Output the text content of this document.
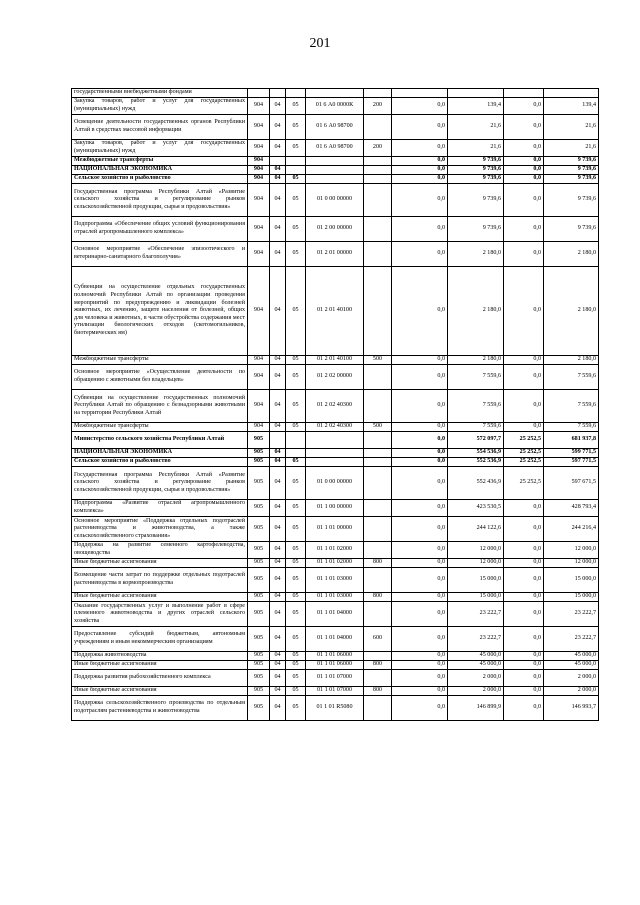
201
государственными внебюджетными фондами									
Закупка товаров, работ и услуг для государственных (муниципальных) нужд	904	04	05	01 6 А0 0000К	200	0,0	139,4	0,0	139,4
Освещение деятельности государственных органов Республики Алтай в средствах массовой информации	904	04	05	01 6 А0 98700		0,0	21,6	0,0	21,6
Закупка товаров, работ и услуг для государственных (муниципальных) нужд	904	04	05	01 6 А0 98700	200	0,0	21,6	0,0	21,6
Межбюджетные трансферты	904					0,0	9 739,6	0,0	9 739,6
НАЦИОНАЛЬНАЯ ЭКОНОМИКА	904	04				0,0	9 739,6	0,0	9 739,6
Сельское хозяйство и рыболовство	904	04	05			0,0	9 739,6	0,0	9 739,6
Государственная программа Республики Алтай «Развитие сельского хозяйства и регулирование рынков сельскохозяйственной продукции, сырья и продовольствия»	904	04	05	01 0 00 00000		0,0	9 739,6	0,0	9 739,6
Подпрограмма «Обеспечение общих условий функционирования отраслей агропромышленного комплекса»	904	04	05	01 2 00 00000		0,0	9 739,6	0,0	9 739,6
Основное мероприятие «Обеспечение эпизоотического и ветеринарно-санитарного благополучия»	904	04	05	01 2 01 00000		0,0	2 180,0	0,0	2 180,0
Субвенции на осуществление отдельных государственных полномочий Республики Алтай по организации проведения мероприятий по предупреждению и ликвидации болезней животных, их лечению, защите населения от болезней, общих для человека и животных, в части обустройства содержания мест утилизации биологических отходов (скотомогильников, биотермических ям)	904	04	05	01 2 01 40100		0,0	2 180,0	0,0	2 180,0
Межбюджетные трансферты	904	04	05	01 2 01 40100	500	0,0	2 180,0	0,0	2 180,0
Основное мероприятие «Осуществление деятельности по обращению с животными без владельцев»	904	04	05	01 2 02 00000		0,0	7 559,6	0,0	7 559,6
Субвенции на осуществление государственных полномочий Республики Алтай по обращению с безнадзорными животными на территории Республики Алтай	904	04	05	01 2 02 40300		0,0	7 559,6	0,0	7 559,6
Межбюджетные трансферты	904	04	05	01 2 02 40300	500	0,0	7 559,6	0,0	7 559,6
Министерство сельского хозяйства Республики Алтай	905					0,0	572 097,7	25 252,5	681 937,8
НАЦИОНАЛЬНАЯ ЭКОНОМИКА	905	04				0,0	554 536,9	25 252,5	599 771,5
Сельское хозяйство и рыболовство	905	04	05			0,0	552 536,9	25 252,5	597 771,5
Государственная программа Республики Алтай «Развитие сельского хозяйства и регулирование рынков сельскохозяйственной продукции, сырья и продовольствия»	905	04	05	01 0 00 00000		0,0	552 436,9	25 252,5	597 671,5
Подпрограмма «Развитие отраслей агропромышленного комплекса»	905	04	05	01 1 00 00000		0,0	423 530,5	0,0	428 793,4
Основное мероприятие «Поддержка отдельных подотраслей растениеводства и животноводства, а также сельскохозяйственного страхования»	905	04	05	01 1 01 00000		0,0	244 122,6	0,0	244 216,4
Поддержка на развитие семенного картофелеводства, овощеводства	905	04	05	01 1 01 02000		0,0	12 000,0	0,0	12 000,0
Иные бюджетные ассигнования	905	04	05	01 1 01 02000	800	0,0	12 000,0	0,0	12 000,0
Возмещение части затрат по поддержке отдельных подотраслей растениеводства в кормопроизводства	905	04	05	01 1 01 03000		0,0	15 000,0	0,0	15 000,0
Иные бюджетные ассигнования	905	04	05	01 1 01 03000	800	0,0	15 000,0	0,0	15 000,0
Оказание государственных услуг и выполнение работ в сфере племенного животноводства и других отраслей сельского хозяйства	905	04	05	01 1 01 04000		0,0	23 222,7	0,0	23 222,7
Предоставление субсидий бюджетным, автономным учреждениям и иным некоммерческим организациям	905	04	05	01 1 01 04000	600	0,0	23 222,7	0,0	23 222,7
Поддержка животноводства	905	04	05	01 1 01 06000		0,0	45 000,0	0,0	45 000,0
Иные бюджетные ассигнования	905	04	05	01 1 01 06000	800	0,0	45 000,0	0,0	45 000,0
Поддержка развития рыбохозяйственного комплекса	905	04	05	01 1 01 07000		0,0	2 000,0	0,0	2 000,0
Иные бюджетные ассигнования	905	04	05	01 1 01 07000	800	0,0	2 000,0	0,0	2 000,0
Поддержка сельскохозяйственного производства по отдельным подотраслям растениеводства и животноводства	905	04	05	01 1 01 R5080		0,0	146 899,9	0,0	146 993,7
